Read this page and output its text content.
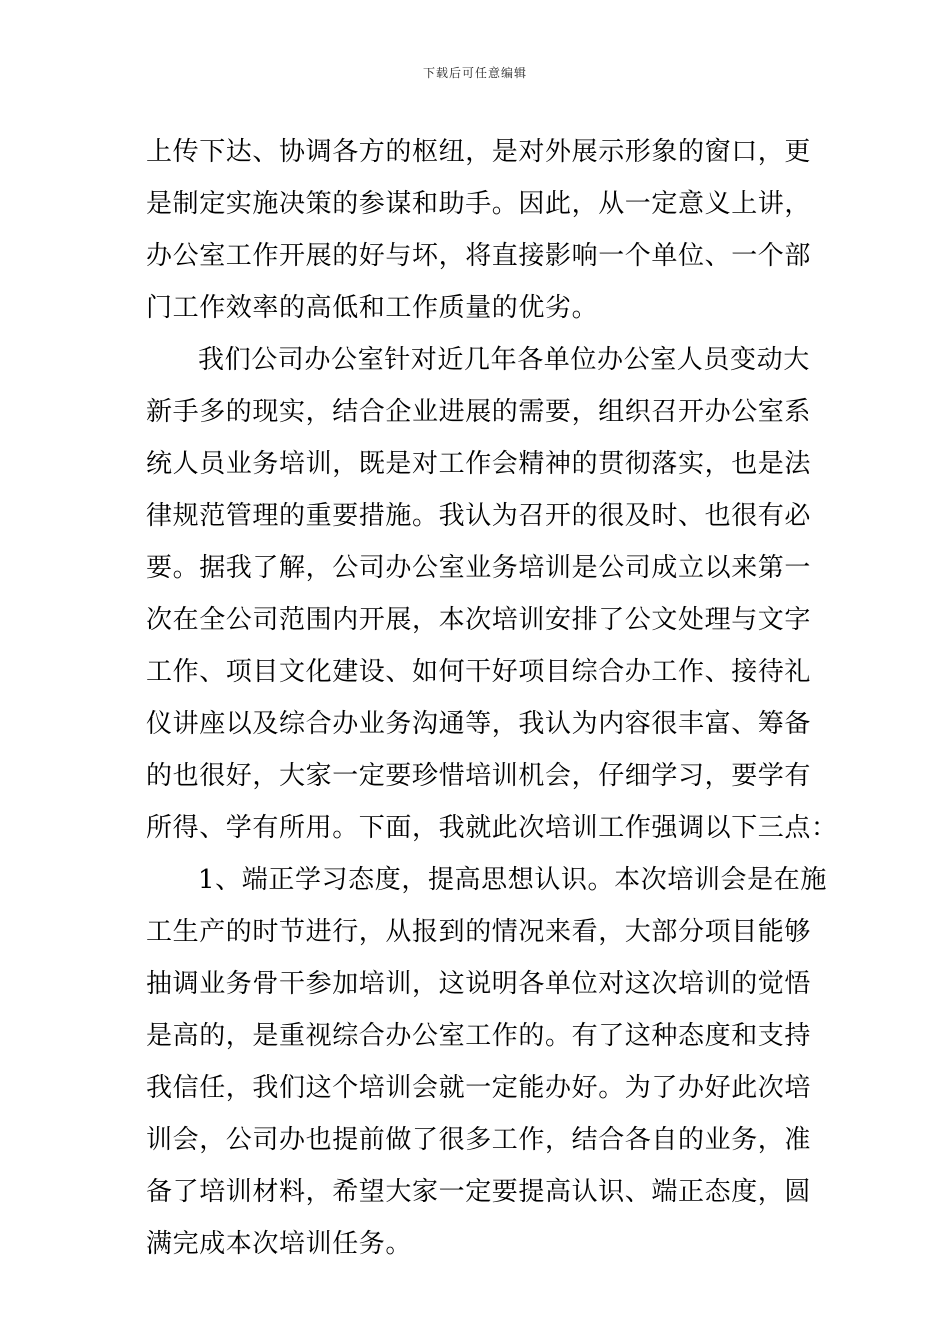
下载后可任意编辑
上传下达、协调各方的枢纽，是对外展示形象的窗口，更
是制定实施决策的参谋和助手。因此，从一定意义上讲，
办公室工作开展的好与坏，将直接影响一个单位、一个部
门工作效率的高低和工作质量的优劣。
我们公司办公室针对近几年各单位办公室人员变动大
新手多的现实，结合企业进展的需要，组织召开办公室系
统人员业务培训，既是对工作会精神的贯彻落实，也是法
律规范管理的重要措施。我认为召开的很及时、也很有必
要。据我了解，公司办公室业务培训是公司成立以来第一
次在全公司范围内开展，本次培训安排了公文处理与文字
工作、项目文化建设、如何干好项目综合办工作、接待礼
仪讲座以及综合办业务沟通等，我认为内容很丰富、筹备
的也很好，大家一定要珍惜培训机会，仔细学习，要学有
所得、学有所用。下面，我就此次培训工作强调以下三点：
1、端正学习态度，提高思想认识。本次培训会是在施
工生产的时节进行，从报到的情况来看，大部分项目能够
抽调业务骨干参加培训，这说明各单位对这次培训的觉悟
是高的，是重视综合办公室工作的。有了这种态度和支持
我信任，我们这个培训会就一定能办好。为了办好此次培
训会，公司办也提前做了很多工作，结合各自的业务，准
备了培训材料，希望大家一定要提高认识、端正态度，圆
满完成本次培训任务。
